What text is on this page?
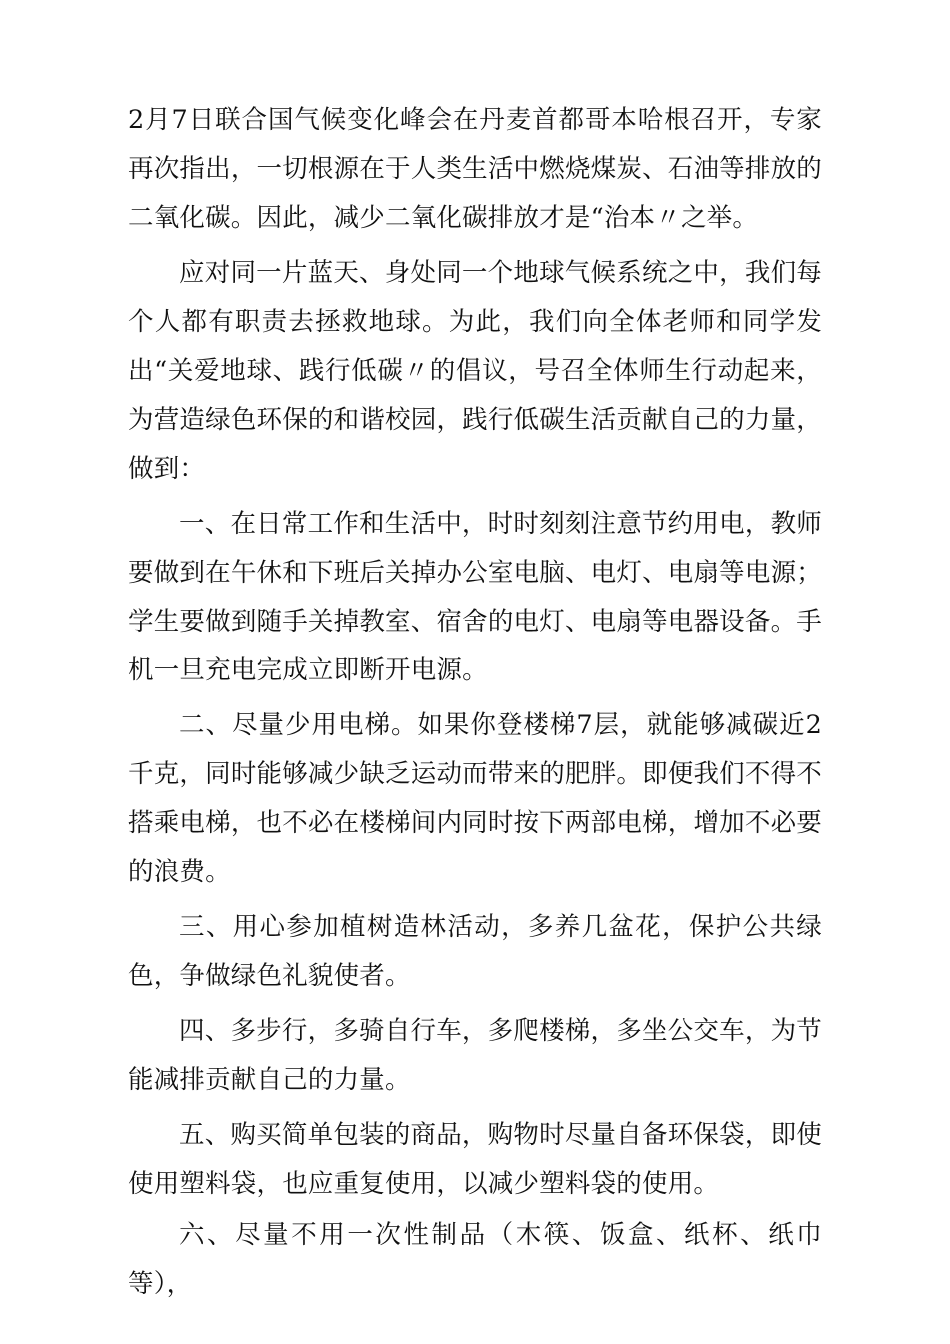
2月7日联合国气候变化峰会在丹麦首都哥本哈根召开，专家再次指出，一切根源在于人类生活中燃烧煤炭、石油等排放的二氧化碳。因此，减少二氧化碳排放才是“治本〃之举。

应对同一片蓝天、身处同一个地球气候系统之中，我们每个人都有职责去拯救地球。为此，我们向全体老师和同学发出“关爱地球、践行低碳〃的倡议，号召全体师生行动起来，为营造绿色环保的和谐校园，践行低碳生活贡献自己的力量，做到：

一、在日常工作和生活中，时时刻刻注意节约用电，教师要做到在午休和下班后关掉办公室电脑、电灯、电扇等电源；学生要做到随手关掉教室、宿舍的电灯、电扇等电器设备。手机一旦充电完成立即断开电源。

二、尽量少用电梯。如果你登楼梯7层，就能够减碳近2千克，同时能够减少缺乏运动而带来的肥胖。即便我们不得不搭乘电梯，也不必在楼梯间内同时按下两部电梯，增加不必要的浪费。

三、用心参加植树造林活动，多养几盆花，保护公共绿色，争做绿色礼貌使者。

四、多步行，多骑自行车，多爬楼梯，多坐公交车，为节能减排贡献自己的力量。

五、购买简单包装的商品，购物时尽量自备环保袋，即使使用塑料袋，也应重复使用，以减少塑料袋的使用。

六、尽量不用一次性制品（木筷、饭盒、纸杯、纸巾等），
